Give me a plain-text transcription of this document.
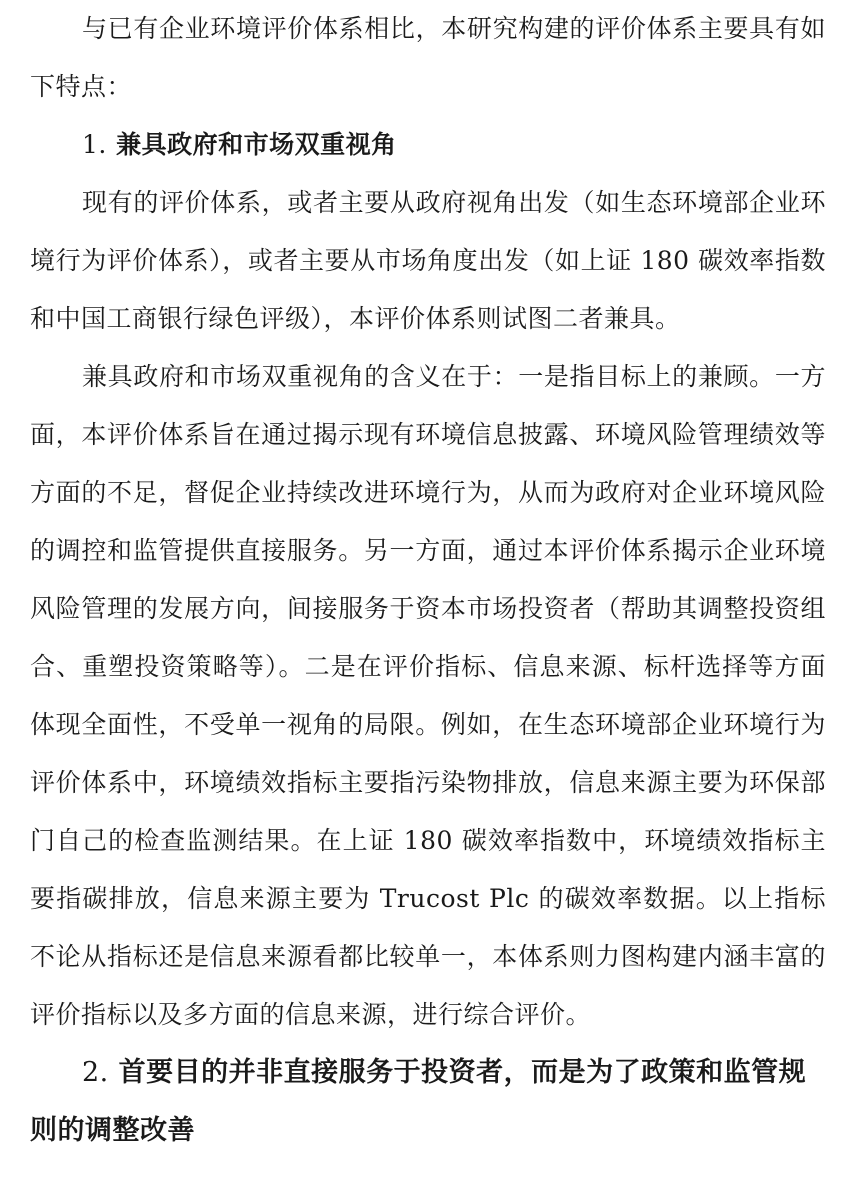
与已有企业环境评价体系相比，本研究构建的评价体系主要具有如下特点：

1. 兼具政府和市场双重视角

现有的评价体系，或者主要从政府视角出发（如生态环境部企业环境行为评价体系），或者主要从市场角度出发（如上证 180 碳效率指数和中国工商银行绿色评级），本评价体系则试图二者兼具。

兼具政府和市场双重视角的含义在于：一是指目标上的兼顾。一方面，本评价体系旨在通过揭示现有环境信息披露、环境风险管理绩效等方面的不足，督促企业持续改进环境行为，从而为政府对企业环境风险的调控和监管提供直接服务。另一方面，通过本评价体系揭示企业环境风险管理的发展方向，间接服务于资本市场投资者（帮助其调整投资组合、重塑投资策略等）。二是在评价指标、信息来源、标杆选择等方面体现全面性，不受单一视角的局限。例如，在生态环境部企业环境行为评价体系中，环境绩效指标主要指污染物排放，信息来源主要为环保部门自己的检查监测结果。在上证 180 碳效率指数中，环境绩效指标主要指碳排放，信息来源主要为 Trucost Plc 的碳效率数据。以上指标不论从指标还是信息来源看都比较单一，本体系则力图构建内涵丰富的评价指标以及多方面的信息来源，进行综合评价。

2. 首要目的并非直接服务于投资者，而是为了政策和监管规则的调整改善
